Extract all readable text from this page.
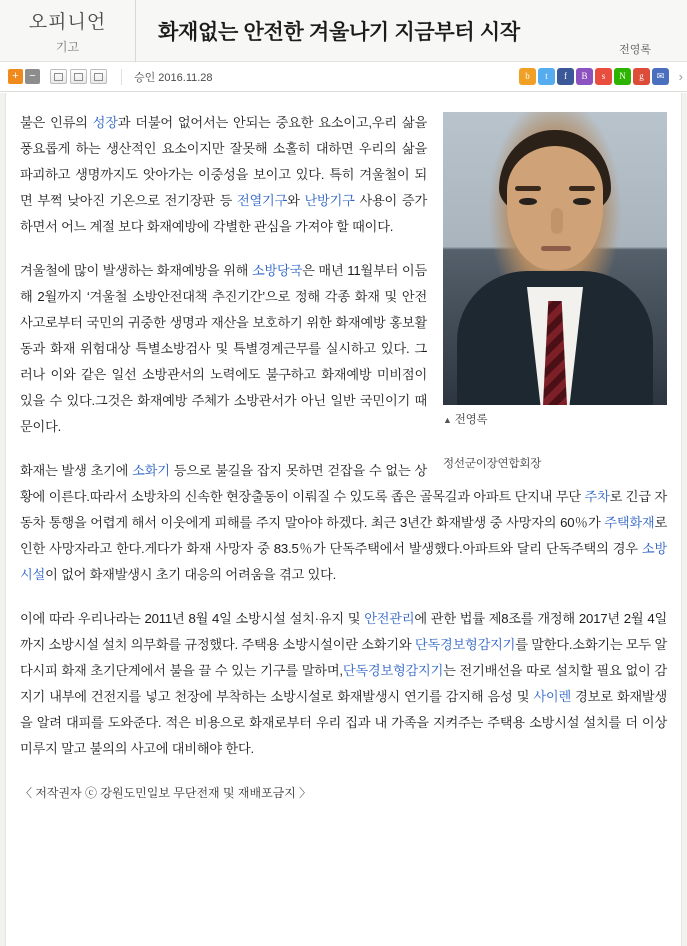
오피니언
기고
화재없는 안전한 겨울나기 지금부터 시작
전영록
+ −	승인 2016.11.28	b	t	f	B	s	N	g	✉	›
▲ 전영록
정선군이장연합회장

불은 인류의 성장과 더불어 없어서는 안되는 중요한 요소이고,우리 삶을 풍요롭게 하는 생산적인 요소이지만 잘못해 소홀히 대하면 우리의 삶을 파괴하고 생명까지도 앗아가는 이중성을 보이고 있다. 특히 겨울철이 되면 부쩍 낮아진 기온으로 전기장판 등 전열기구와 난방기구 사용이 증가하면서 어느 계절 보다 화재예방에 각별한 관심을 가져야 할 때이다.

겨울철에 많이 발생하는 화재예방을 위해 소방당국은 매년 11월부터 이듬해 2월까지 ‘겨울철 소방안전대책 추진기간’으로 정해 각종 화재 및 안전사고로부터 국민의 귀중한 생명과 재산을 보호하기 위한 화재예방 홍보활동과 화재 위험대상 특별소방검사 및 특별경계근무를 실시하고 있다. 그러나 이와 같은 일선 소방관서의 노력에도 불구하고 화재예방 미비점이 있을 수 있다.그것은 화재예방 주체가 소방관서가 아닌 일반 국민이기 때문이다.

화재는 발생 초기에 소화기 등으로 불길을 잡지 못하면 걷잡을 수 없는 상황에 이른다.따라서 소방차의 신속한 현장출동이 이뤄질 수 있도록 좁은 골목길과 아파트 단지내 무단 주차로 긴급 자동차 통행을 어렵게 해서 이웃에게 피해를 주지 말아야 하겠다. 최근 3년간 화재발생 중 사망자의 60％가 주택화재로 인한 사망자라고 한다.게다가 화재 사망자 중 83.5％가 단독주택에서 발생했다.아파트와 달리 단독주택의 경우 소방시설이 없어 화재발생시 초기 대응의 어려움을 겪고 있다.

이에 따라 우리나라는 2011년 8월 4일 소방시설 설치·유지 및 안전관리에 관한 법률 제8조를 개정해 2017년 2월 4일까지 소방시설 설치 의무화를 규정했다. 주택용 소방시설이란 소화기와 단독경보형감지기를 말한다.소화기는 모두 알다시피 화재 초기단계에서 불을 끌 수 있는 기구를 말하며,단독경보형감지기는 전기배선을 따로 설치할 필요 없이 감지기 내부에 건전지를 넣고 천장에 부착하는 소방시설로 화재발생시 연기를 감지해 음성 및 사이렌 경보로 화재발생을 알려 대피를 도와준다. 적은 비용으로 화재로부터 우리 집과 내 가족을 지켜주는 주택용 소방시설 설치를 더 이상 미루지 말고 불의의 사고에 대비해야 한다.

〈 저작권자 ⓒ 강원도민일보 무단전재 및 재배포금지 〉
